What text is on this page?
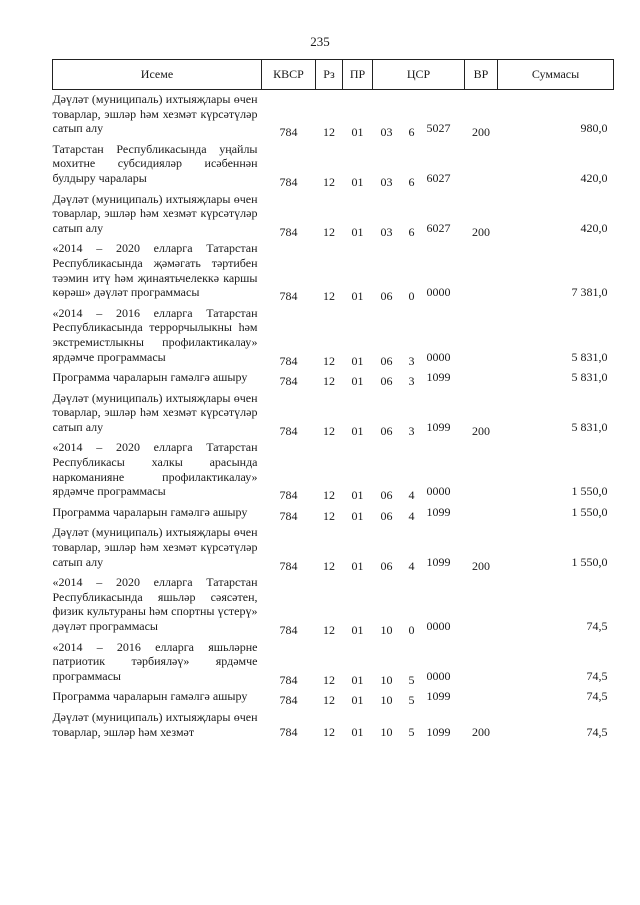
235
Исеме	КВСР	Рз	ПР	ЦСР			ВР	Суммасы
Дәүләт (муниципаль) ихтыяҗлары өчен товарлар, эшләр һәм хезмәт күрсәтүләр сатып алу	784	12	01	03	6	5027	200	980,0
Татарстан Республикасында уңайлы мохитне субсидияләр исәбеннән булдыру чаралары	784	12	01	03	6	6027		420,0
Дәүләт (муниципаль) ихтыяҗлары өчен товарлар, эшләр һәм хезмәт күрсәтүләр сатып алу	784	12	01	03	6	6027	200	420,0
«2014 – 2020 елларга Татарстан Республикасында җәмәгать тәртибен тәэмин итү һәм җинаятьчелеккә каршы көрәш» дәүләт программасы	784	12	01	06	0	0000		7 381,0
«2014 – 2016 елларга Татарстан Республикасында террорчылыкны һәм экстремистлыкны профилактикалау» ярдәмче программасы	784	12	01	06	3	0000		5 831,0
Программа чараларын гамәлгә ашыру	784	12	01	06	3	1099		5 831,0
Дәүләт (муниципаль) ихтыяҗлары өчен товарлар, эшләр һәм хезмәт күрсәтүләр сатып алу	784	12	01	06	3	1099	200	5 831,0
«2014 – 2020 елларга Татарстан Республикасы халкы арасында наркоманияне профилактикалау» ярдәмче программасы	784	12	01	06	4	0000		1 550,0
Программа чараларын гамәлгә ашыру	784	12	01	06	4	1099		1 550,0
Дәүләт (муниципаль) ихтыяҗлары өчен товарлар, эшләр һәм хезмәт күрсәтүләр сатып алу	784	12	01	06	4	1099	200	1 550,0
«2014 – 2020 елларга Татарстан Республикасында яшьләр сәясәтен, физик культураны һәм спортны үстерү» дәүләт программасы	784	12	01	10	0	0000		74,5
«2014 – 2016 елларга яшьләрне патриотик тәрбияләү» ярдәмче программасы	784	12	01	10	5	0000		74,5
Программа чараларын гамәлгә ашыру	784	12	01	10	5	1099		74,5
Дәүләт (муниципаль) ихтыяҗлары өчен товарлар, эшләр һәм хезмәт	784	12	01	10	5	1099	200	74,5
